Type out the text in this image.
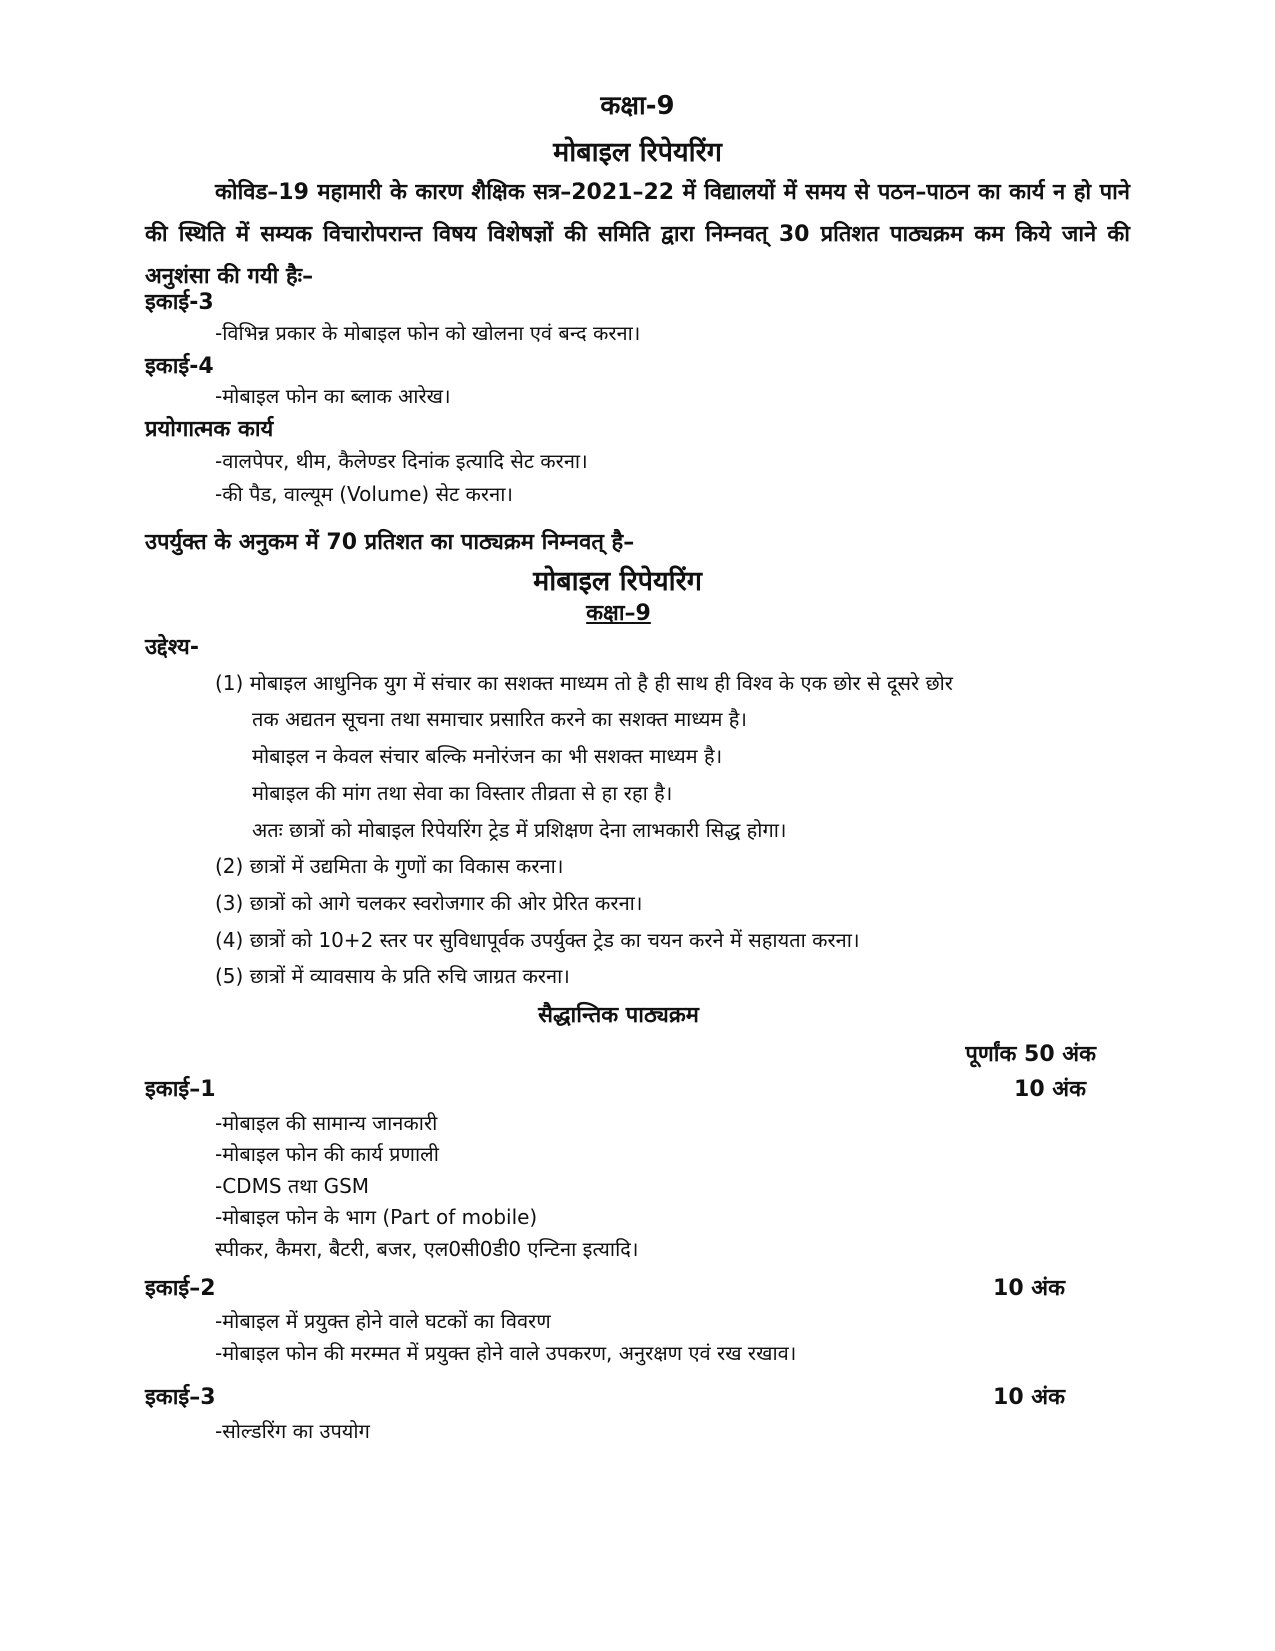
कक्षा-9
मोबाइल रिपेयरिंग
कोविड–19 महामारी के कारण शैक्षिक सत्र–2021–22 में विद्यालयों में समय से पठन–पाठन का कार्य न हो पाने की स्थिति में सम्यक विचारोपरान्त विषय विशेषज्ञों की समिति द्वारा निम्नवत् 30 प्रतिशत पाठ्यक्रम कम किये जाने की अनुशंसा की गयी हैः–
इकाई-3
-विभिन्न प्रकार के मोबाइल फोन को खोलना एवं बन्द करना।
इकाई-4
-मोबाइल फोन का ब्लाक आरेख।
प्रयोगात्मक कार्य
-वालपेपर, थीम, कैलेण्डर दिनांक इत्यादि सेट करना।
-की पैड, वाल्यूम (Volume) सेट करना।
उपर्युक्त के अनुकम में 70 प्रतिशत का पाठ्यक्रम निम्नवत् है–
मोबाइल रिपेयरिंग
कक्षा–9
उद्देश्य-
(1) मोबाइल आधुनिक युग में संचार का सशक्त माध्यम तो है ही साथ ही विश्व के एक छोर से दूसरे छोर
तक अद्यतन सूचना तथा समाचार प्रसारित करने का सशक्त माध्यम है।
मोबाइल न केवल संचार बल्कि मनोरंजन का भी सशक्त माध्यम है।
मोबाइल की मांग तथा सेवा का विस्तार तीव्रता से हा रहा है।
अतः छात्रों को मोबाइल रिपेयरिंग ट्रेड में प्रशिक्षण देना लाभकारी सिद्ध होगा।
(2) छात्रों में उद्यमिता के गुणों का विकास करना।
(3) छात्रों को आगे चलकर स्वरोजगार की ओर प्रेरित करना।
(4) छात्रों को 10+2 स्तर पर सुविधापूर्वक उपर्युक्त ट्रेड का चयन करने में सहायता करना।
(5) छात्रों में व्यावसाय के प्रति रुचि जाग्रत करना।
सैद्धान्तिक पाठ्यक्रम
पूर्णांक 50 अंक
इकाई–1	10 अंक
-मोबाइल की सामान्य जानकारी
-मोबाइल फोन की कार्य प्रणाली
-CDMS तथा GSM
-मोबाइल फोन के भाग (Part of mobile)
स्पीकर, कैमरा, बैटरी, बजर, एल0सी0डी0 एन्टिना इत्यादि।
इकाई–2	10 अंक
-मोबाइल में प्रयुक्त होने वाले घटकों का विवरण
-मोबाइल फोन की मरम्मत में प्रयुक्त होने वाले उपकरण, अनुरक्षण एवं रख रखाव।
इकाई–3	10 अंक
-सोल्डरिंग का उपयोग
